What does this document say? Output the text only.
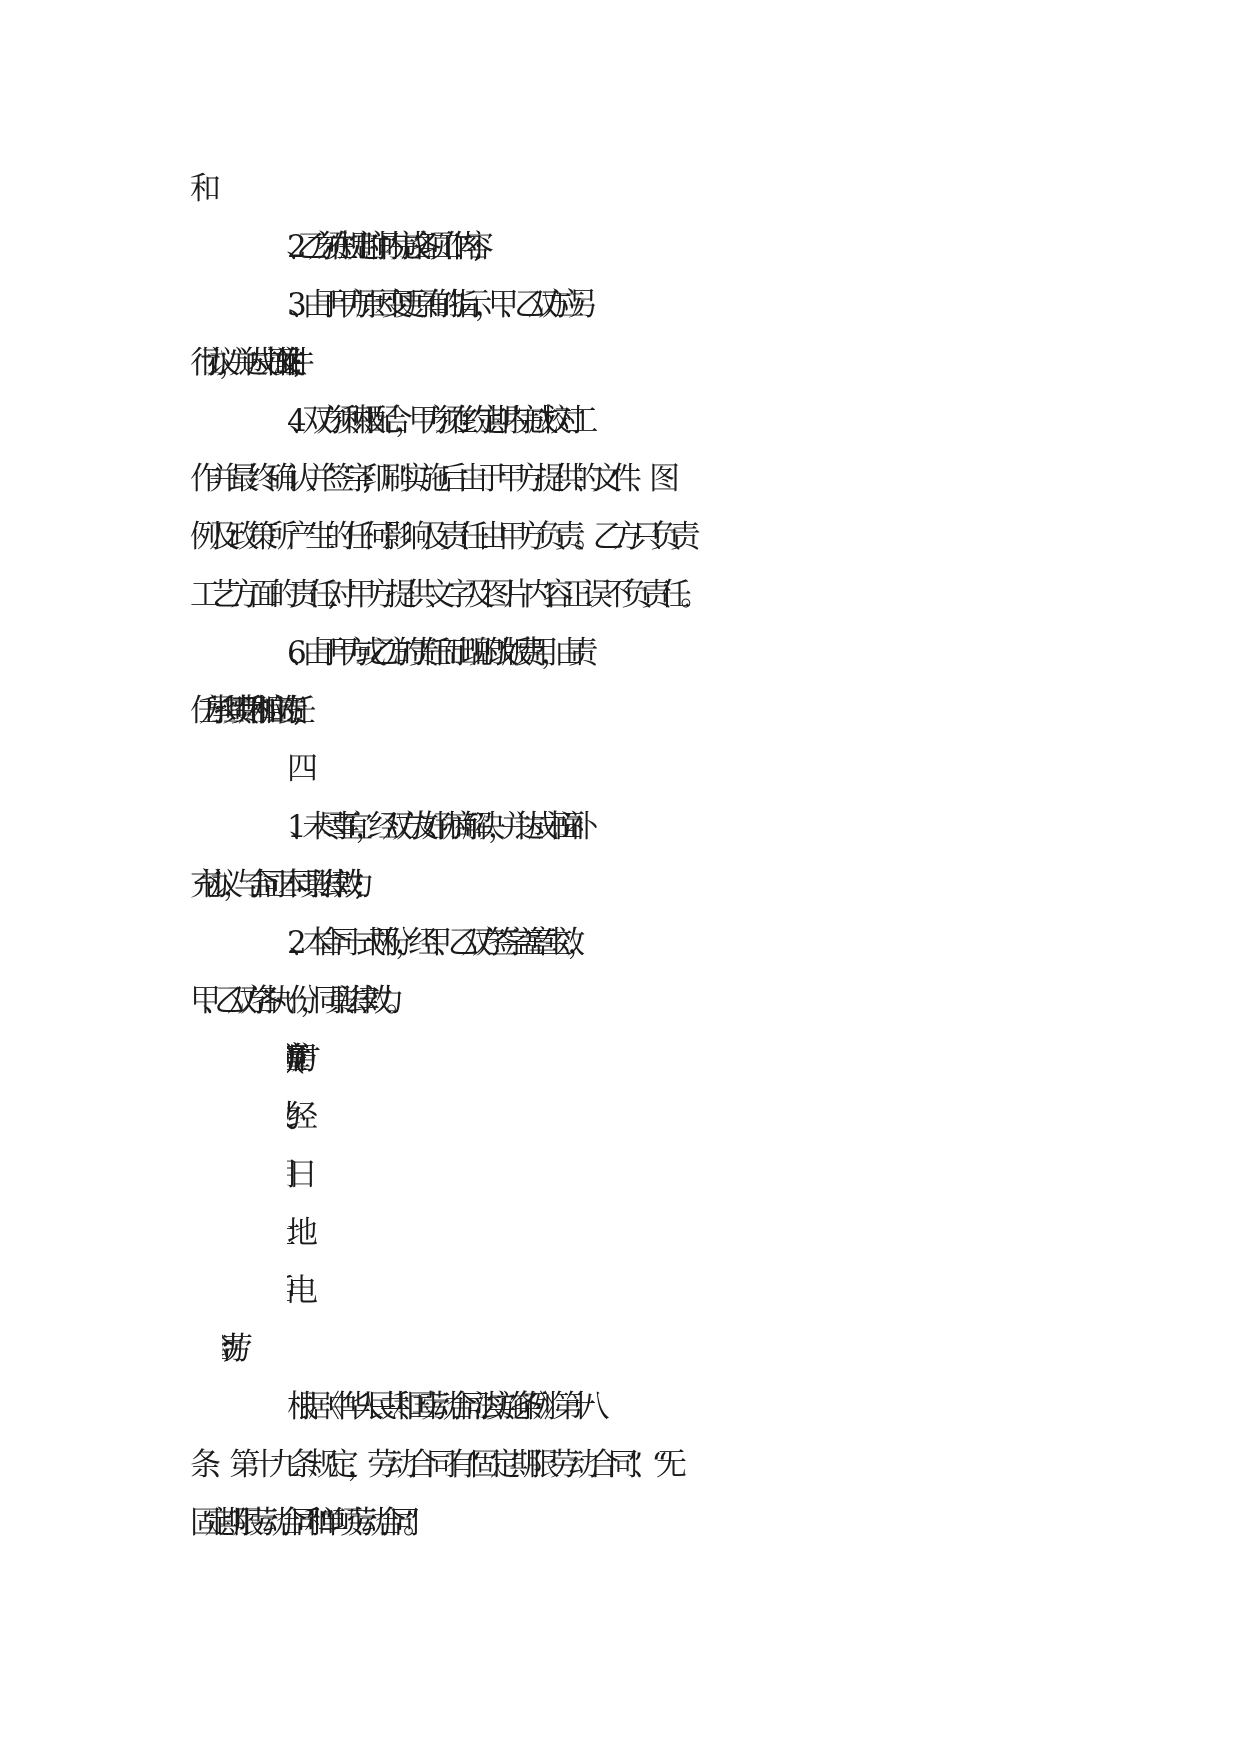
2、乙方须在规定时间内完成各项工作内容;
3、由于甲方原因变更原有的指示，甲、乙双方应另
行协议，并达成书面性 文件;
4、双方须积极配合，甲方须在约定期内完成校对工
作并最终确认并签字;印刷实施后由于甲方提供的文件、图
例及政策所产生的任何影响及责任由甲方负责。乙方只负责
工艺方面的责任,对甲方提供文字及图片内容正误不负责任。
6、由于甲方或乙方的责任而出现的改版费用，由责
任方承担其费用和相应的责任;
1、未尽事宜，经双方友好协商解决，并达成书面补
充协议，与合同正本同具法律效力;
2、本合同一式两份，经甲、乙双方签字盖章生效，
甲、乙双方各执一份，同具法律效力。
根据《中华人民共和国劳动合同法实施条例》第十八
条、第十九条规定，劳动合同有“固定期限劳动合同”、“无
固定期限劳动合同”和“单项劳动合同”。
